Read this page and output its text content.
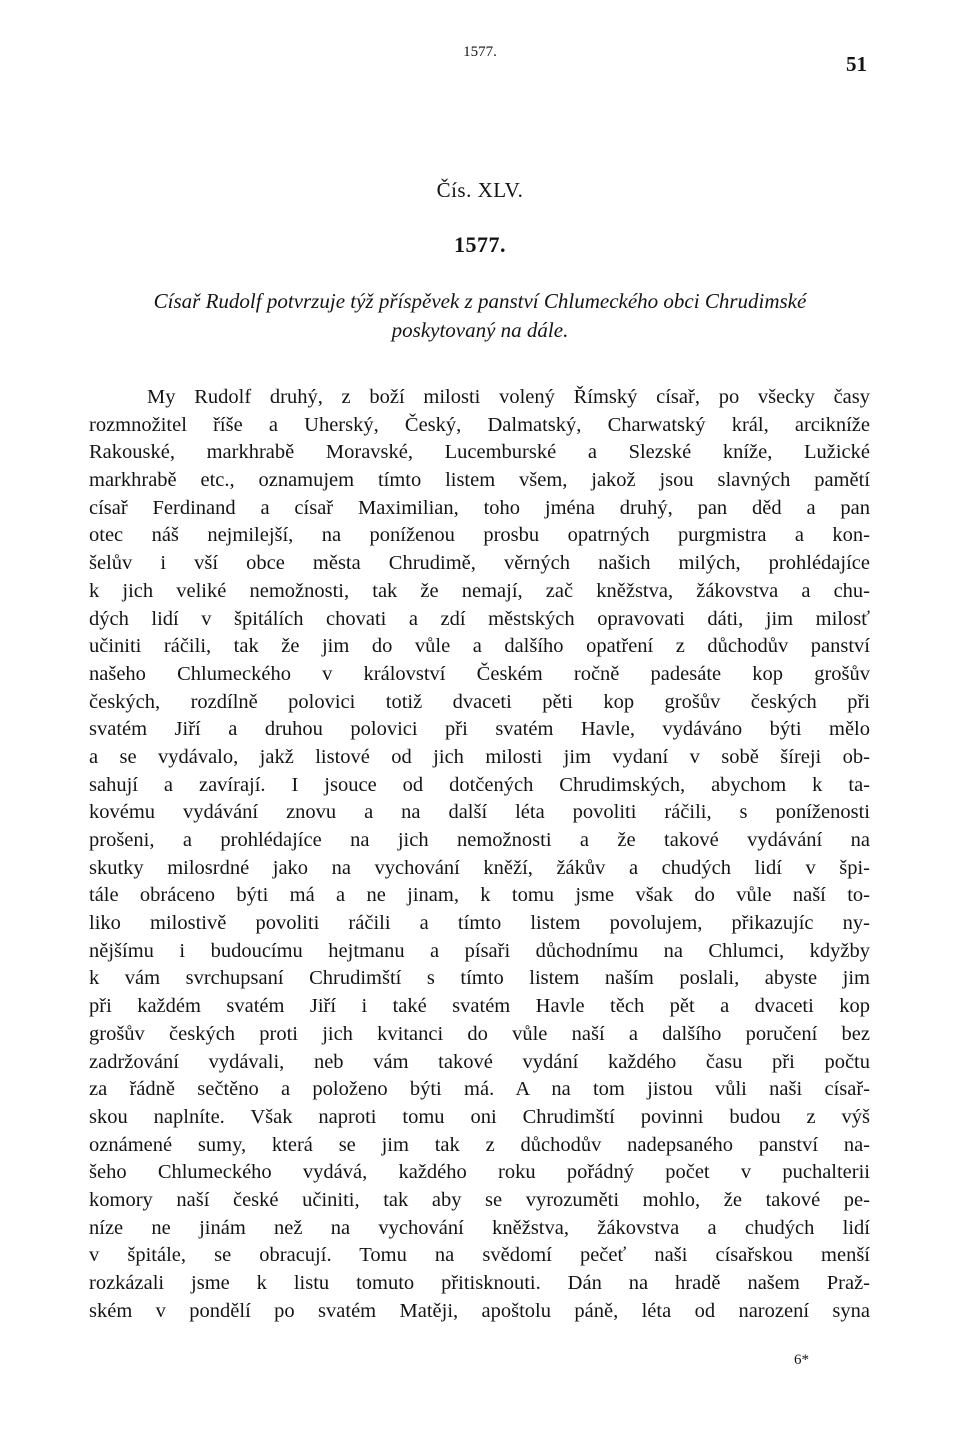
1577.	51
Čís. XLV.
1577.
Císař Rudolf potvrzuje týž příspěvek z panství Chlumeckého obci Chrudimské
poskytovaný na dále.
My Rudolf druhý, z boží milosti volený Římský císař, po všecky časy
rozmnožitel říše a Uherský, Český, Dalmatský, Charwatský král, arcikníže
Rakouské, markhrabě Moravské, Lucemburské a Slezské kníže, Lužické
markhrabě etc., oznamujem tímto listem všem, jakož jsou slavných pamětí
císař Ferdinand a císař Maximilian, toho jména druhý, pan děd a pan
otec náš nejmilejší, na poníženou prosbu opatrných purgmistra a kon-
šelův i vší obce města Chrudimě, věrných našich milých, prohlédajíce
k jich veliké nemožnosti, tak že nemají, zač kněžstva, žákovstva a chu-
dých lidí v špitálích chovati a zdí městských opravovati dáti, jim milosť
učiniti ráčili, tak že jim do vůle a dalšího opatření z důchodův panství
našeho Chlumeckého v království Českém ročně padesáte kop grošův
českých, rozdílně polovici totiž dvaceti pěti kop grošův českých při
svatém Jiří a druhou polovici při svatém Havle, vydáváno býti mělo
a se vydávalo, jakž listové od jich milosti jim vydaní v sobě šíreji ob-
sahují a zavírají. I jsouce od dotčených Chrudimských, abychom k ta-
kovému vydávání znovu a na další léta povoliti ráčili, s poníženosti
prošeni, a prohlédajíce na jich nemožnosti a že takové vydávání na
skutky milosrdné jako na vychování kněží, žákův a chudých lidí v špi-
tále obráceno býti má a ne jinam, k tomu jsme však do vůle naší to-
liko milostivě povoliti ráčili a tímto listem povolujem, přikazujíc ny-
nějšímu i budoucímu hejtmanu a písaři důchodnímu na Chlumci, kdyžby
k vám svrchupsaní Chrudimští s tímto listem naším poslali, abyste jim
při každém svatém Jiří i také svatém Havle těch pět a dvaceti kop
grošův českých proti jich kvitanci do vůle naší a dalšího poručení bez
zadržování vydávali, neb vám takové vydání každého času při počtu
za řádně sečtěno a položeno býti má. A na tom jistou vůli naši císař-
skou naplníte. Však naproti tomu oni Chrudimští povinni budou z výš
oznámené sumy, která se jim tak z důchodův nadepsaného panství na-
šeho Chlumeckého vydává, každého roku pořádný počet v puchalterii
komory naší české učiniti, tak aby se vyrozuměti mohlo, že takové pe-
níze ne jinám než na vychování kněžstva, žákovstva a chudých lidí
v špitále, se obracují. Tomu na svědomí pečeť naši císařskou menší
rozkázali jsme k listu tomuto přitisknouti. Dán na hradě našem Praž-
ském v pondělí po svatém Matěji, apoštolu páně, léta od narození syna
6*
